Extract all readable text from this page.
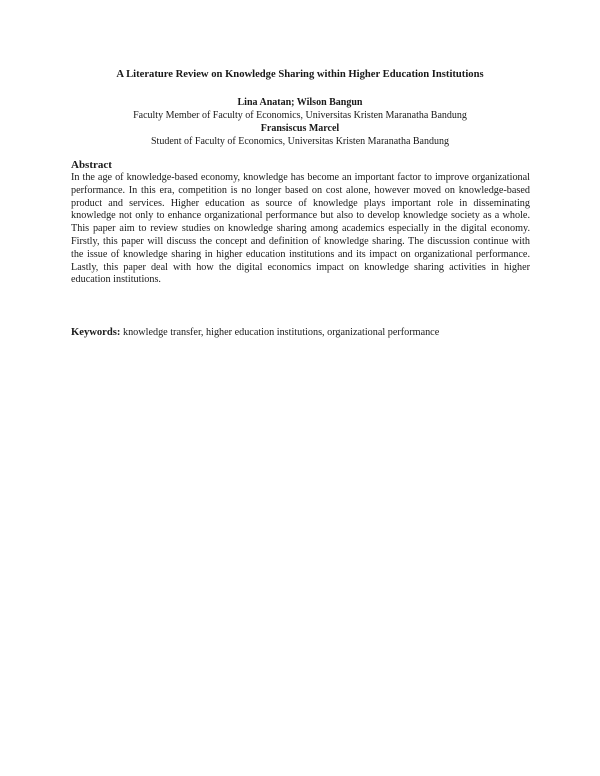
A Literature Review on Knowledge Sharing within Higher Education Institutions
Lina Anatan; Wilson Bangun
Faculty Member of Faculty of Economics, Universitas Kristen Maranatha Bandung
Fransiscus Marcel
Student of Faculty of Economics, Universitas Kristen Maranatha Bandung
Abstract
In the age of knowledge-based economy, knowledge has become an important factor to improve organizational performance. In this era, competition is no longer based on cost alone, however moved on knowledge-based product and services. Higher education as source of knowledge plays important role in disseminating knowledge not only to enhance organizational performance but also to develop knowledge society as a whole. This paper aim to review studies on knowledge sharing among academics especially in the digital economy. Firstly, this paper will discuss the concept and definition of knowledge sharing. The discussion continue with the issue of knowledge sharing in higher education institutions and its impact on organizational performance. Lastly, this paper deal with how the digital economics impact on knowledge sharing activities in higher education institutions.
Keywords: knowledge transfer, higher education institutions, organizational performance
